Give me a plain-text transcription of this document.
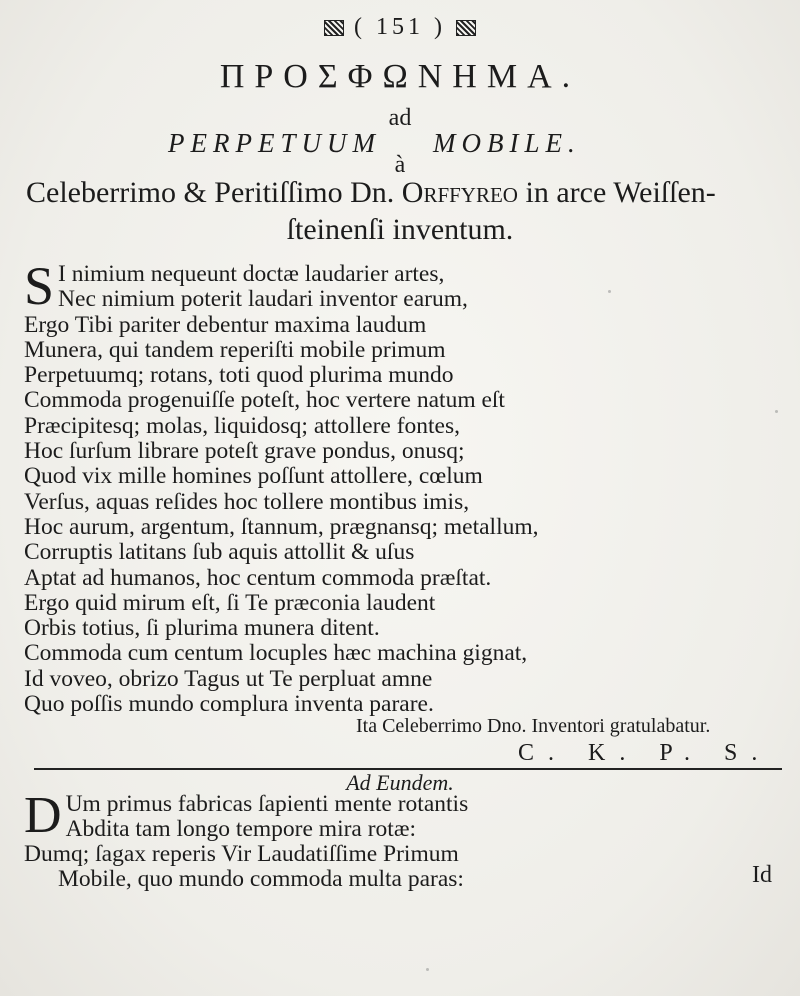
( 151 )
ΠΡΟΣΦΩΝΗΜΑ.
ad
PERPETUUM MOBILE.
à
Celeberrimo & Peritiſſimo Dn. Orffyreo in arce Weiſſen-
ſteinenſi inventum.
S I nimium nequeunt doctæ laudarier artes,
Nec nimium poterit laudari inventor earum,
Ergo Tibi pariter debentur maxima laudum
Munera, qui tandem reperiſti mobile primum
Perpetuumq; rotans, toti quod plurima mundo
Commoda progenuiſſe poteſt, hoc vertere natum eſt
Præcipitesq; molas, liquidosq; attollere fontes,
Hoc ſurſum librare poteſt grave pondus, onusq;
Quod vix mille homines poſſunt attollere, cœlum
Verſus, aquas reſides hoc tollere montibus imis,
Hoc aurum, argentum, ſtannum, prægnansq; metallum,
Corruptis latitans ſub aquis attollit & uſus
Aptat ad humanos, hoc centum commoda præſtat.
Ergo quid mirum eſt, ſi Te præconia laudent
Orbis totius, ſi plurima munera ditent.
Commoda cum centum locuples hæc machina gignat,
Id voveo, obrizo Tagus ut Te perpluat amne
Quo poſſis mundo complura inventa parare.
Ita Celeberrimo Dno. Inventori gratulabatur.
C. K. P. S.
Ad Eundem.
D Um primus fabricas ſapienti mente rotantis
Abdita tam longo tempore mira rotæ:
Dumq; ſagax reperis Vir Laudatiſſime Primum
Mobile, quo mundo commoda multa paras:	Id
